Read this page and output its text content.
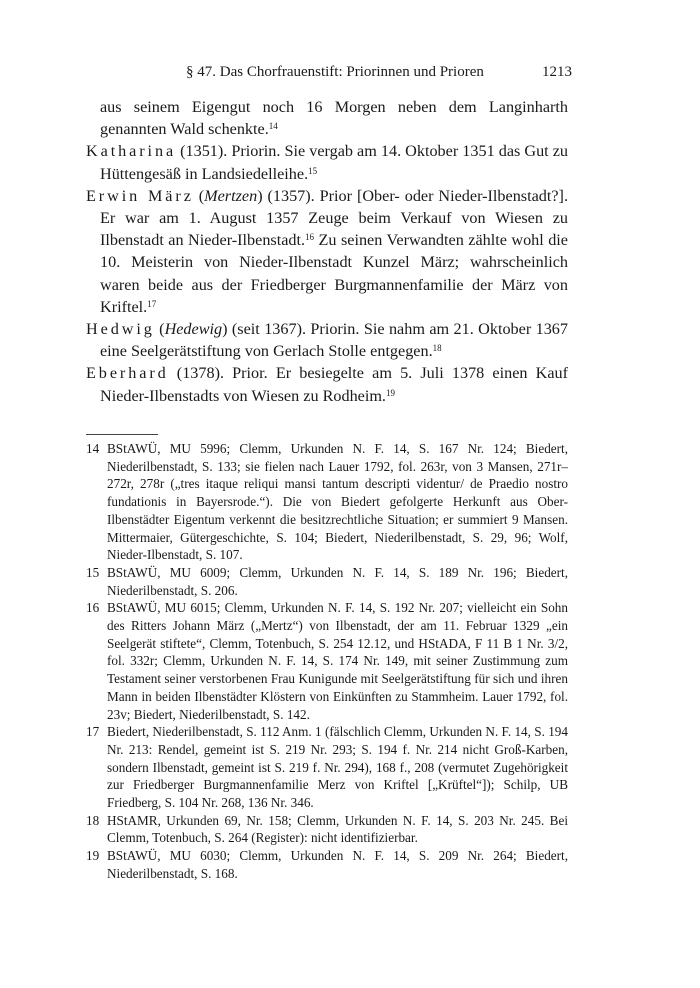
§ 47. Das Chorfrauenstift: Priorinnen und Prioren	1213
aus seinem Eigengut noch 16 Morgen neben dem Langinharth genannten Wald schenkte.$^{14}$
Katharina (1351). Priorin. Sie vergab am 14. Oktober 1351 das Gut zu Hüttengesäß in Landsiedelleihe.$^{15}$
Erwin März (Mertzen) (1357). Prior [Ober- oder Nieder-Ilbenstadt?]. Er war am 1. August 1357 Zeuge beim Verkauf von Wiesen zu Ilbenstadt an Nieder-Ilbenstadt.$^{16}$ Zu seinen Verwandten zählte wohl die 10. Meisterin von Nieder-Ilbenstadt Kunzel März; wahrscheinlich waren beide aus der Friedberger Burgmannenfamilie der März von Kriftel.$^{17}$
Hedwig (Hedewig) (seit 1367). Priorin. Sie nahm am 21. Oktober 1367 eine Seelgerätstiftung von Gerlach Stolle entgegen.$^{18}$
Eberhard (1378). Prior. Er besiegelte am 5. Juli 1378 einen Kauf Nieder-Ilbenstadts von Wiesen zu Rodheim.$^{19}$
14 BStAWÜ, MU 5996; Clemm, Urkunden N. F. 14, S. 167 Nr. 124; Biedert, Niederilbenstadt, S. 133; sie fielen nach Lauer 1792, fol. 263r, von 3 Mansen, 271r–272r, 278r („tres itaque reliqui mansi tantum descripti videntur/ de Praedio nostro fundationis in Bayersrode.“). Die von Biedert gefolgerte Herkunft aus Ober-Ilbenstädter Eigentum verkennt die besitzrechtliche Situation; er summiert 9 Mansen. Mittermaier, Gütergeschichte, S. 104; Biedert, Niederilbenstadt, S. 29, 96; Wolf, Nieder-Ilbenstadt, S. 107.
15 BStAWÜ, MU 6009; Clemm, Urkunden N. F. 14, S. 189 Nr. 196; Biedert, Niederilbenstadt, S. 206.
16 BStAWÜ, MU 6015; Clemm, Urkunden N. F. 14, S. 192 Nr. 207; vielleicht ein Sohn des Ritters Johann März („Mertz“) von Ilbenstadt, der am 11. Februar 1329 „ein Seelgerät stiftete“, Clemm, Totenbuch, S. 254 12.12, und HStADA, F 11 B 1 Nr. 3/2, fol. 332r; Clemm, Urkunden N. F. 14, S. 174 Nr. 149, mit seiner Zustimmung zum Testament seiner verstorbenen Frau Kunigunde mit Seelgerätstiftung für sich und ihren Mann in beiden Ilbenstädter Klöstern von Einkünften zu Stammheim. Lauer 1792, fol. 23v; Biedert, Niederilbenstadt, S. 142.
17 Biedert, Niederilbenstadt, S. 112 Anm. 1 (fälschlich Clemm, Urkunden N. F. 14, S. 194 Nr. 213: Rendel, gemeint ist S. 219 Nr. 293; S. 194 f. Nr. 214 nicht Groß-Karben, sondern Ilbenstadt, gemeint ist S. 219 f. Nr. 294), 168 f., 208 (vermutet Zugehörigkeit zur Friedberger Burgmannenfamilie Merz von Kriftel [„Krüftel“]); Schilp, UB Friedberg, S. 104 Nr. 268, 136 Nr. 346.
18 HStAMR, Urkunden 69, Nr. 158; Clemm, Urkunden N. F. 14, S. 203 Nr. 245. Bei Clemm, Totenbuch, S. 264 (Register): nicht identifizierbar.
19 BStAWÜ, MU 6030; Clemm, Urkunden N. F. 14, S. 209 Nr. 264; Biedert, Niederilbenstadt, S. 168.
